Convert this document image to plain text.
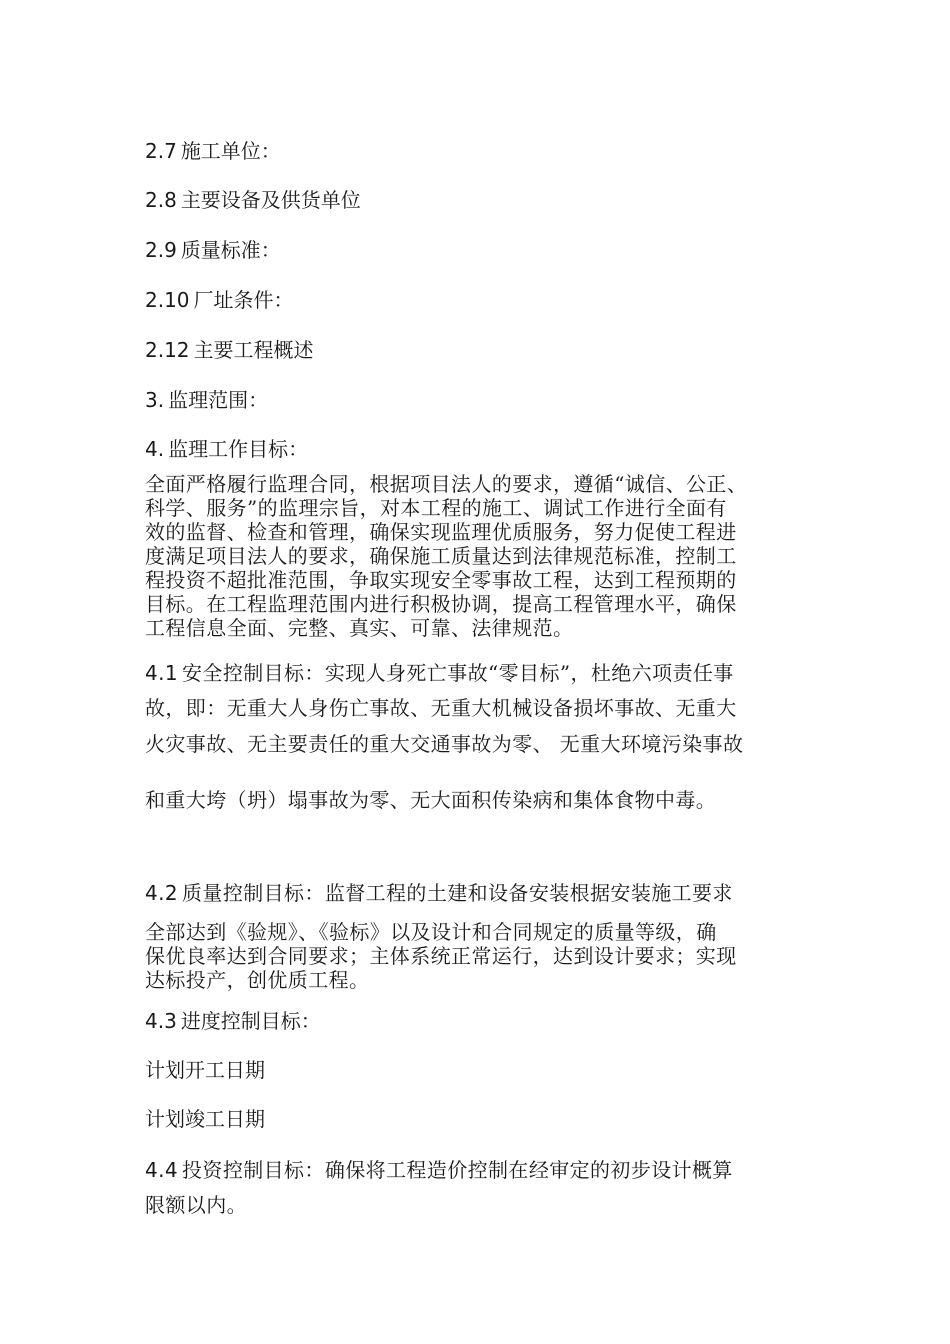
2.7 施工单位：
2.8 主要设备及供货单位
2.9 质量标准：
2.10 厂址条件：
2.12 主要工程概述
3. 监理范围：
4. 监理工作目标：

全面严格履行监理合同，根据项目法人的要求，遵循“诚信、公正、

科学、服务”的监理宗旨，对本工程的施工、调试工作进行全面有

效的监督、检查和管理，确保实现监理优质服务，努力促使工程进

度满足项目法人的要求，确保施工质量达到法律规范标准，控制工

程投资不超批准范围，争取实现安全零事故工程，达到工程预期的

目标。在工程监理范围内进行积极协调，提高工程管理水平，确保

工程信息全面、完整、真实、可靠、法律规范。

4.1 安全控制目标：实现人身死亡事故“零目标”，杜绝六项责任事

故，即：无重大人身伤亡事故、无重大机械设备损坏事故、无重大

火灾事故、无主要责任的重大交通事故为零、 无重大环境污染事故

和重大垮（坍）塌事故为零、无大面积传染病和集体食物中毒。

4.2 质量控制目标：监督工程的土建和设备安装根据安装施工要求

全部达到《验规》、《验标》以及设计和合同规定的质量等级，确

保优良率达到合同要求；主体系统正常运行，达到设计要求；实现

达标投产，创优质工程。

4.3 进度控制目标：
计划开工日期
计划竣工日期

4.4 投资控制目标：确保将工程造价控制在经审定的初步设计概算

限额以内。
